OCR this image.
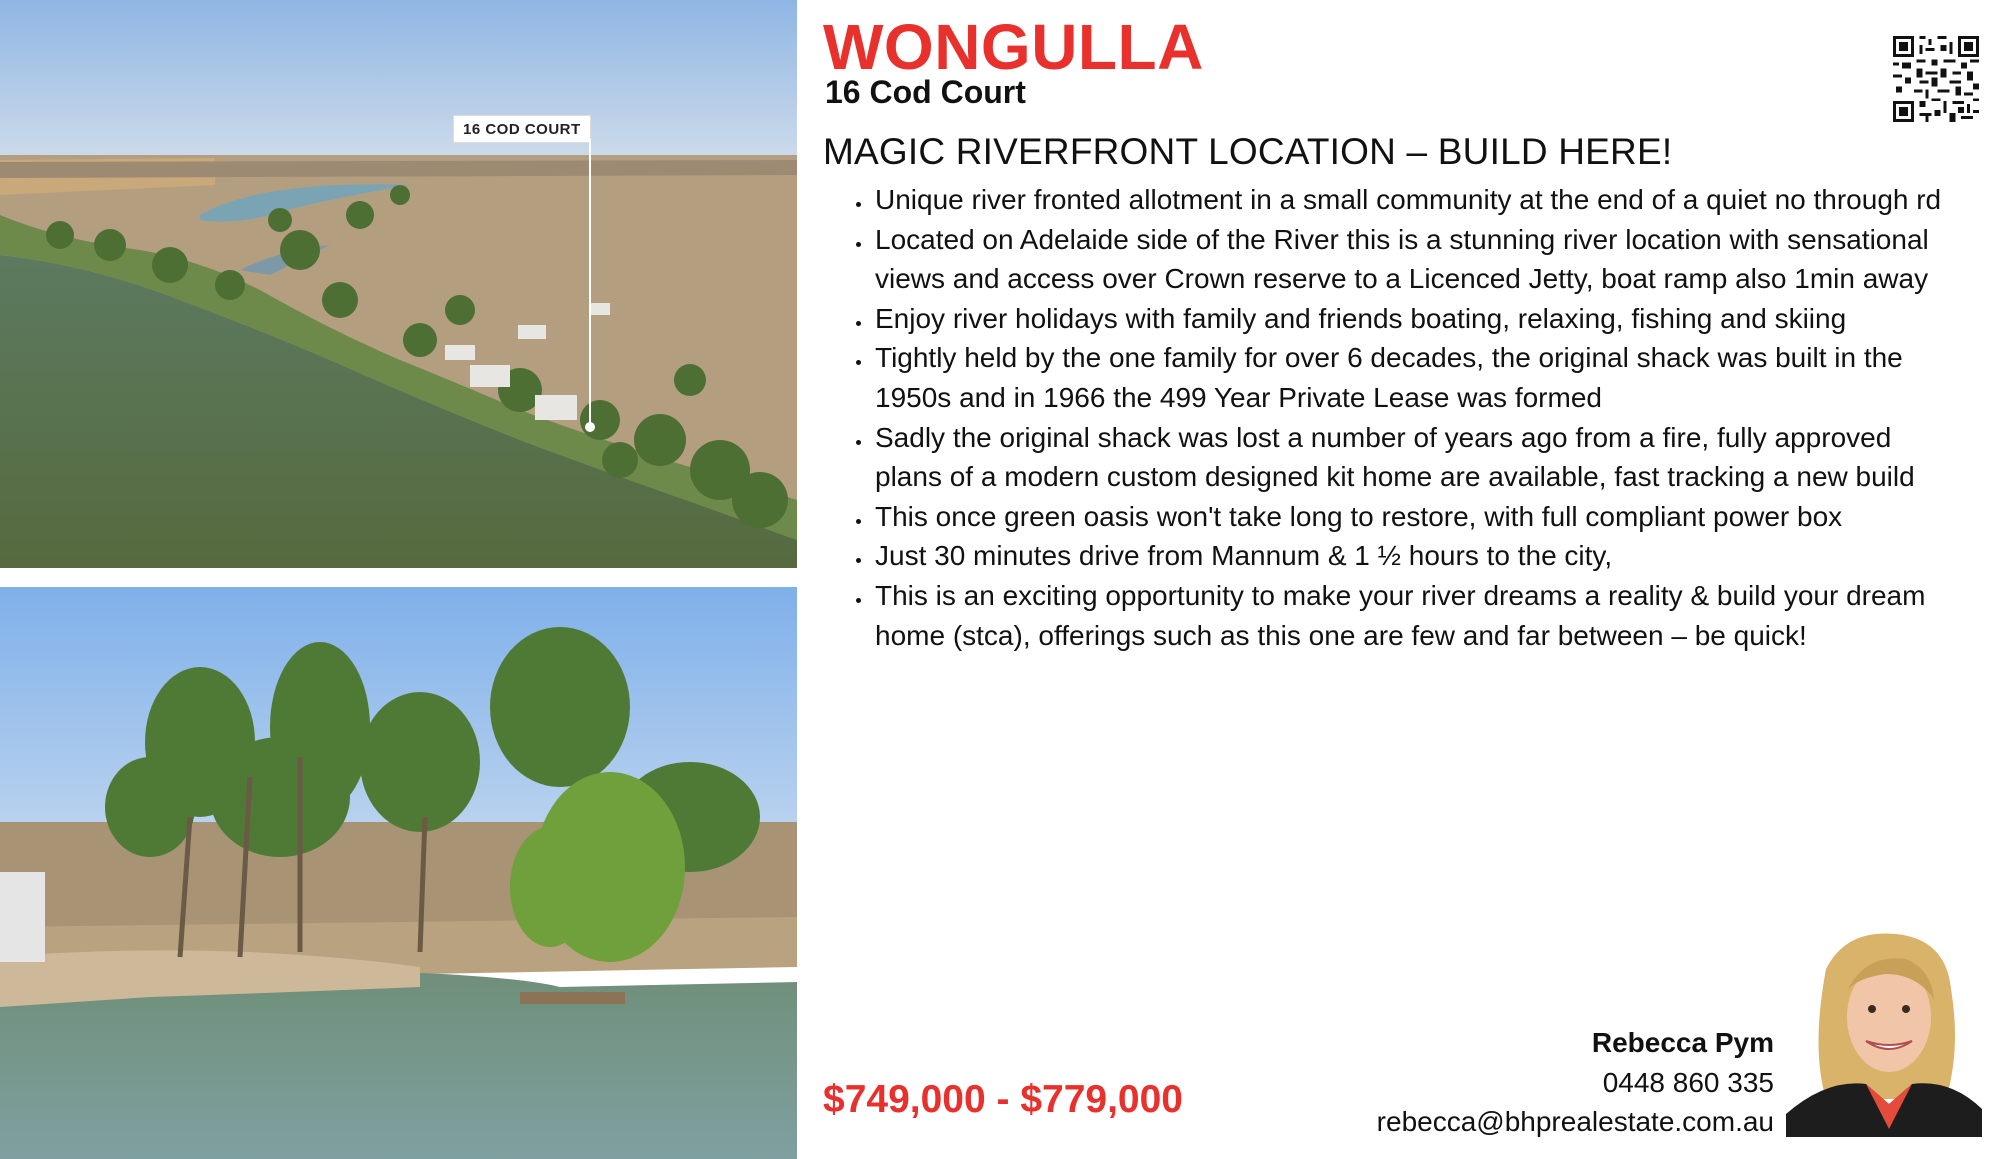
16 COD COURT
WONGULLA
16 Cod Court
MAGIC RIVERFRONT LOCATION – BUILD HERE!
• Unique river fronted allotment in a small community at the end of a quiet no through rd
• Located on Adelaide side of the River this is a stunning river location with sensational views and access over Crown reserve to a Licenced Jetty, boat ramp also 1min away
• Enjoy river holidays with family and friends boating, relaxing, fishing and skiing
• Tightly held by the one family for over 6 decades, the original shack was built in the 1950s and in 1966 the 499 Year Private Lease was formed
• Sadly the original shack was lost a number of years ago from a fire, fully approved plans of a modern custom designed kit home are available, fast tracking a new build
• This once green oasis won't take long to restore, with full compliant power box
• Just 30 minutes drive from Mannum & 1 ½ hours to the city,
• This is an exciting opportunity to make your river dreams a reality & build your dream home (stca), offerings such as this one are few and far between – be quick!
$749,000 - $779,000
Rebecca Pym
0448 860 335
rebecca@bhprealestate.com.au
